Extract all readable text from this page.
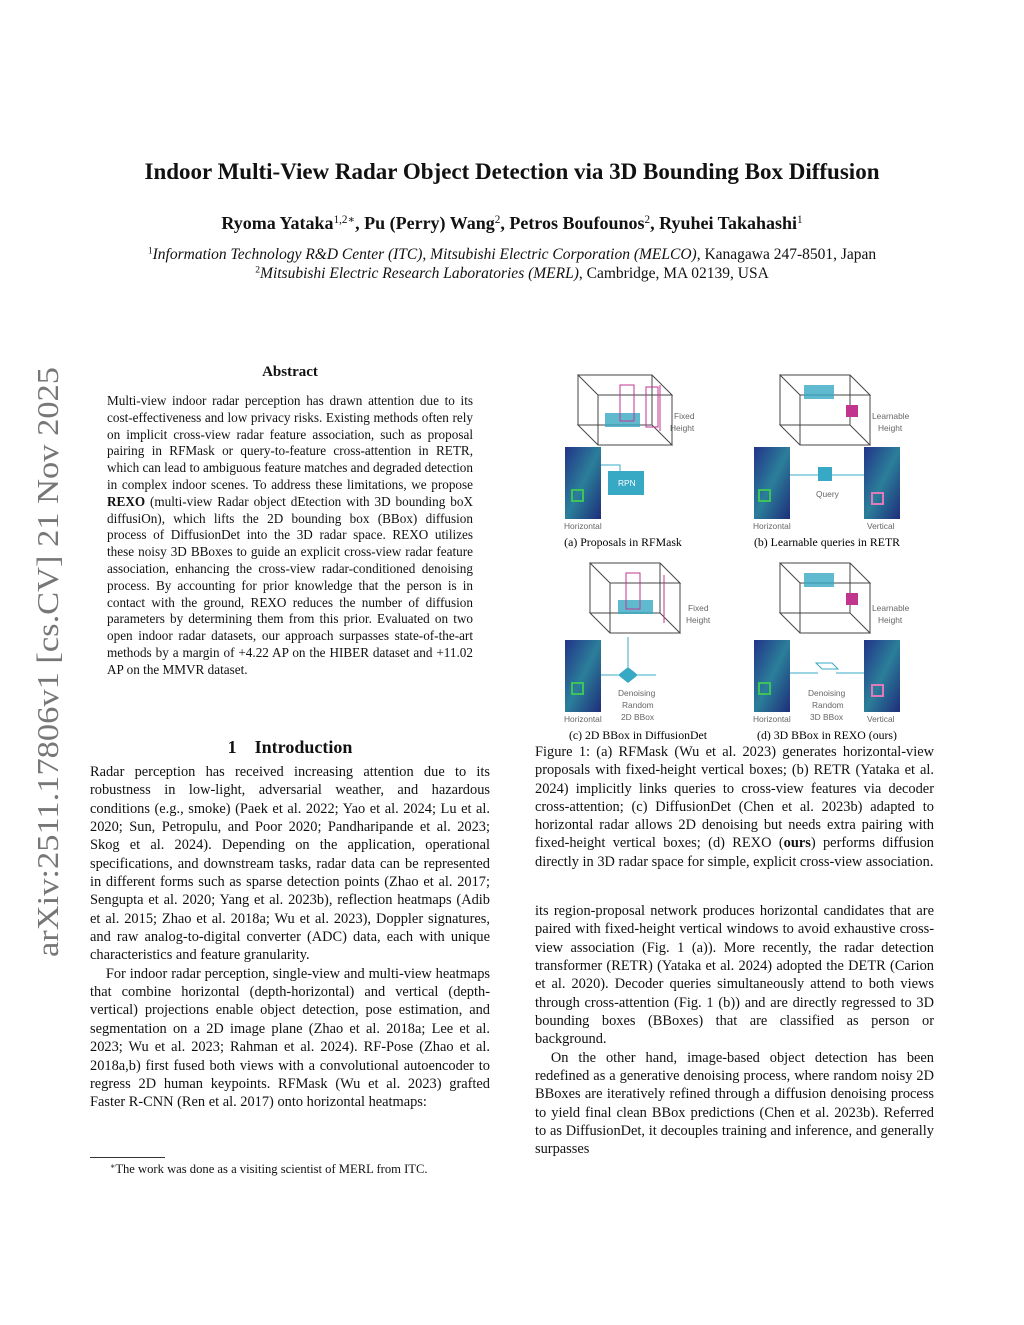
arXiv:2511.17806v1 [cs.CV] 21 Nov 2025
Indoor Multi-View Radar Object Detection via 3D Bounding Box Diffusion
Ryoma Yataka$^{1,2∗}$, Pu (Perry) Wang$^2$, Petros Boufounos$^2$, Ryuhei Takahashi$^1$
$^1$Information Technology R&D Center (ITC), Mitsubishi Electric Corporation (MELCO), Kanagawa 247-8501, Japan
$^2$Mitsubishi Electric Research Laboratories (MERL), Cambridge, MA 02139, USA
Abstract
Multi-view indoor radar perception has drawn attention due to its cost-effectiveness and low privacy risks. Existing methods often rely on implicit cross-view radar feature association, such as proposal pairing in RFMask or query-to-feature cross-attention in RETR, which can lead to ambiguous feature matches and degraded detection in complex indoor scenes. To address these limitations, we propose REXO (multi-view Radar object dEtection with 3D bounding boX diffusiOn), which lifts the 2D bounding box (BBox) diffusion process of DiffusionDet into the 3D radar space. REXO utilizes these noisy 3D BBoxes to guide an explicit cross-view radar feature association, enhancing the cross-view radar-conditioned denoising process. By accounting for prior knowledge that the person is in contact with the ground, REXO reduces the number of diffusion parameters by determining them from this prior. Evaluated on two open indoor radar datasets, our approach surpasses state-of-the-art methods by a margin of +4.22 AP on the HIBER dataset and +11.02 AP on the MMVR dataset.
1 Introduction

Radar perception has received increasing attention due to its robustness in low-light, adversarial weather, and hazardous conditions (e.g., smoke) (Paek et al. 2022; Yao et al. 2024; Lu et al. 2020; Sun, Petropulu, and Poor 2020; Pandharipande et al. 2023; Skog et al. 2024). Depending on the application, operational specifications, and downstream tasks, radar data can be represented in different forms such as sparse detection points (Zhao et al. 2017; Sengupta et al. 2020; Yang et al. 2023b), reflection heatmaps (Adib et al. 2015; Zhao et al. 2018a; Wu et al. 2023), Doppler signatures, and raw analog-to-digital converter (ADC) data, each with unique characteristics and feature granularity.

For indoor radar perception, single-view and multi-view heatmaps that combine horizontal (depth-horizontal) and vertical (depth-vertical) projections enable object detection, pose estimation, and segmentation on a 2D image plane (Zhao et al. 2018a; Lee et al. 2023; Wu et al. 2023; Rahman et al. 2024). RF-Pose (Zhao et al. 2018a,b) first fused both views with a convolutional autoencoder to regress 2D human keypoints. RFMask (Wu et al. 2023) grafted Faster R-CNN (Ren et al. 2017) onto horizontal heatmaps:

∗The work was done as a visiting scientist of MERL from ITC.
Fixed
Height
RPN
Horizontal
(a) Proposals in RFMask
Learnable
Height
Query
Horizontal	Vertical
(b) Learnable queries in RETR
Fixed
Height
Denoising
Random
2D BBox
Horizontal
(c) 2D BBox in DiffusionDet
Learnable
Height
Denoising
Random
3D BBox
Horizontal	Vertical
(d) 3D BBox in REXO (ours)
Figure 1: (a) RFMask (Wu et al. 2023) generates horizontal-view proposals with fixed-height vertical boxes; (b) RETR (Yataka et al. 2024) implicitly links queries to cross-view features via decoder cross-attention; (c) DiffusionDet (Chen et al. 2023b) adapted to horizontal radar allows 2D denoising but needs extra pairing with fixed-height vertical boxes; (d) REXO (ours) performs diffusion directly in 3D radar space for simple, explicit cross-view association.

its region-proposal network produces horizontal candidates that are paired with fixed-height vertical windows to avoid exhaustive cross-view association (Fig. 1 (a)). More recently, the radar detection transformer (RETR) (Yataka et al. 2024) adopted the DETR (Carion et al. 2020). Decoder queries simultaneously attend to both views through cross-attention (Fig. 1 (b)) and are directly regressed to 3D bounding boxes (BBoxes) that are classified as person or background.

On the other hand, image-based object detection has been redefined as a generative denoising process, where random noisy 2D BBoxes are iteratively refined through a diffusion denoising process to yield final clean BBox predictions (Chen et al. 2023b). Referred to as DiffusionDet, it decouples training and inference, and generally surpasses
